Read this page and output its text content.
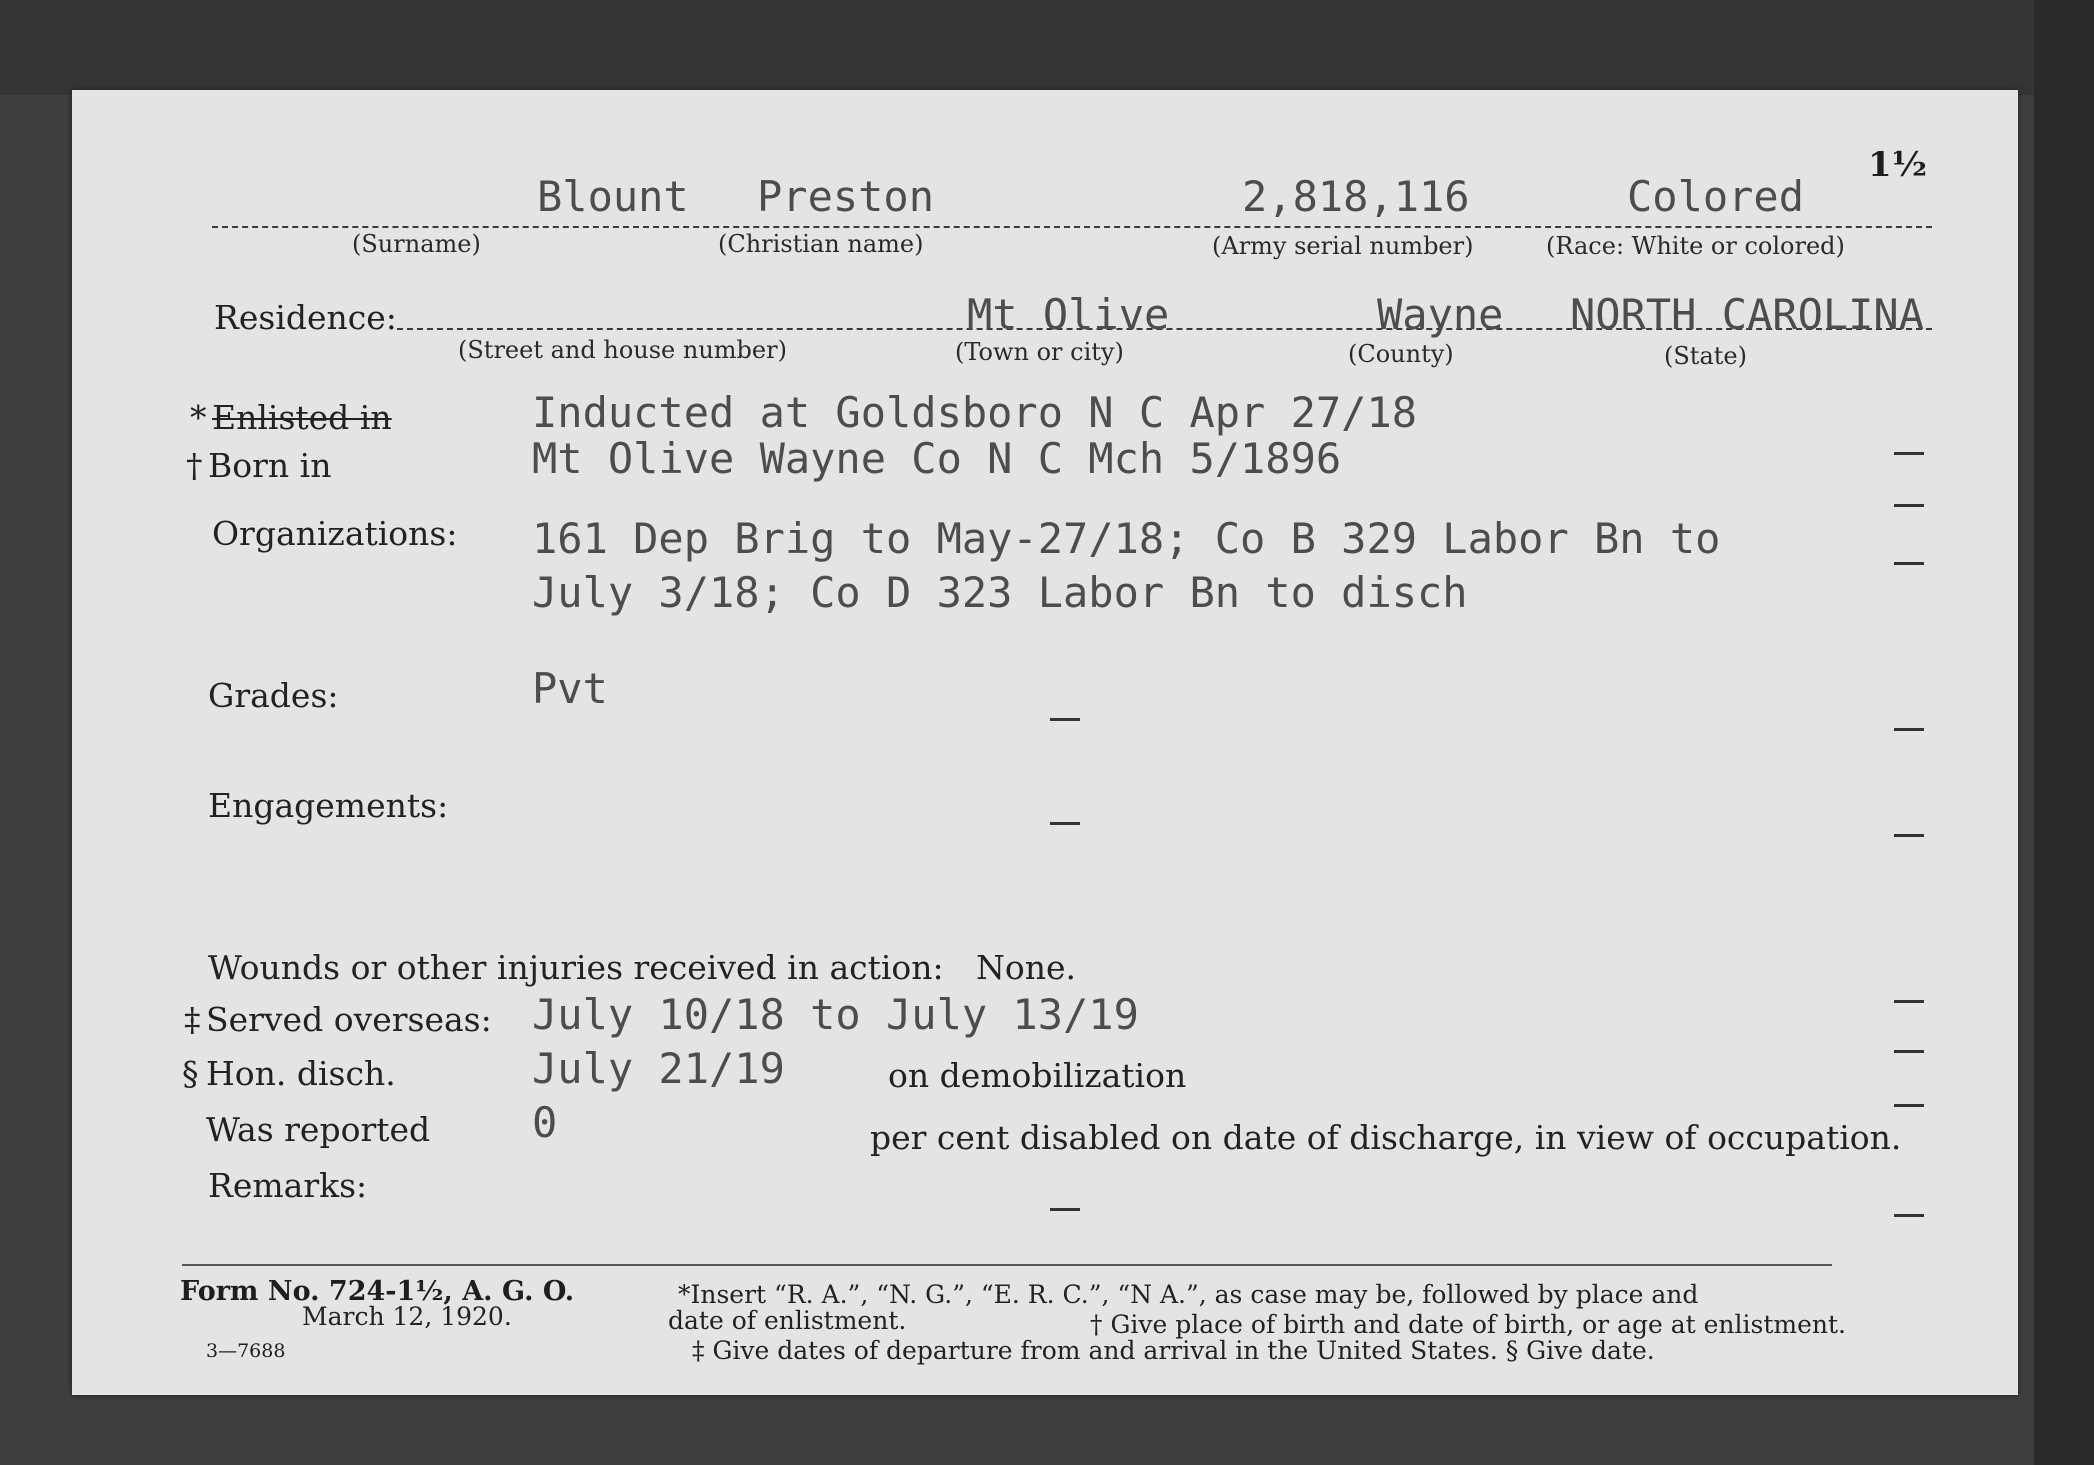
1½
Blount Preston	2,818,116	Colored
(Surname)	(Christian name)	(Army serial number)	(Race: White or colored)
Residence:	Mt Olive	Wayne NORTH CAROLINA
(Street and house number)	(Town or city)	(County)	(State)
* Enlisted in	Inducted at Goldsboro N C Apr 27/18
† Born in	Mt Olive Wayne Co N C Mch 5/1896
Organizations: 161 Dep Brig to May-27/18; Co B 329 Labor Bn to
July 3/18; Co D 323 Labor Bn to disch
Grades:	Pvt
Engagements:
Wounds or other injuries received in action: None.
‡ Served overseas: July 10/18 to July 13/19
§ Hon. disch.	July 21/19	on demobilization
Was reported 0	per cent disabled on date of discharge, in view of occupation.
Remarks:
Form No. 724-1½, A. G. O.
March 12, 1920.
3—7688
*Insert “R. A.”, “N. G.”, “E. R. C.”, “N A.”, as case may be, followed by place and
date of enlistment.	† Give place of birth and date of birth, or age at enlistment.
‡ Give dates of departure from and arrival in the United States. § Give date.
